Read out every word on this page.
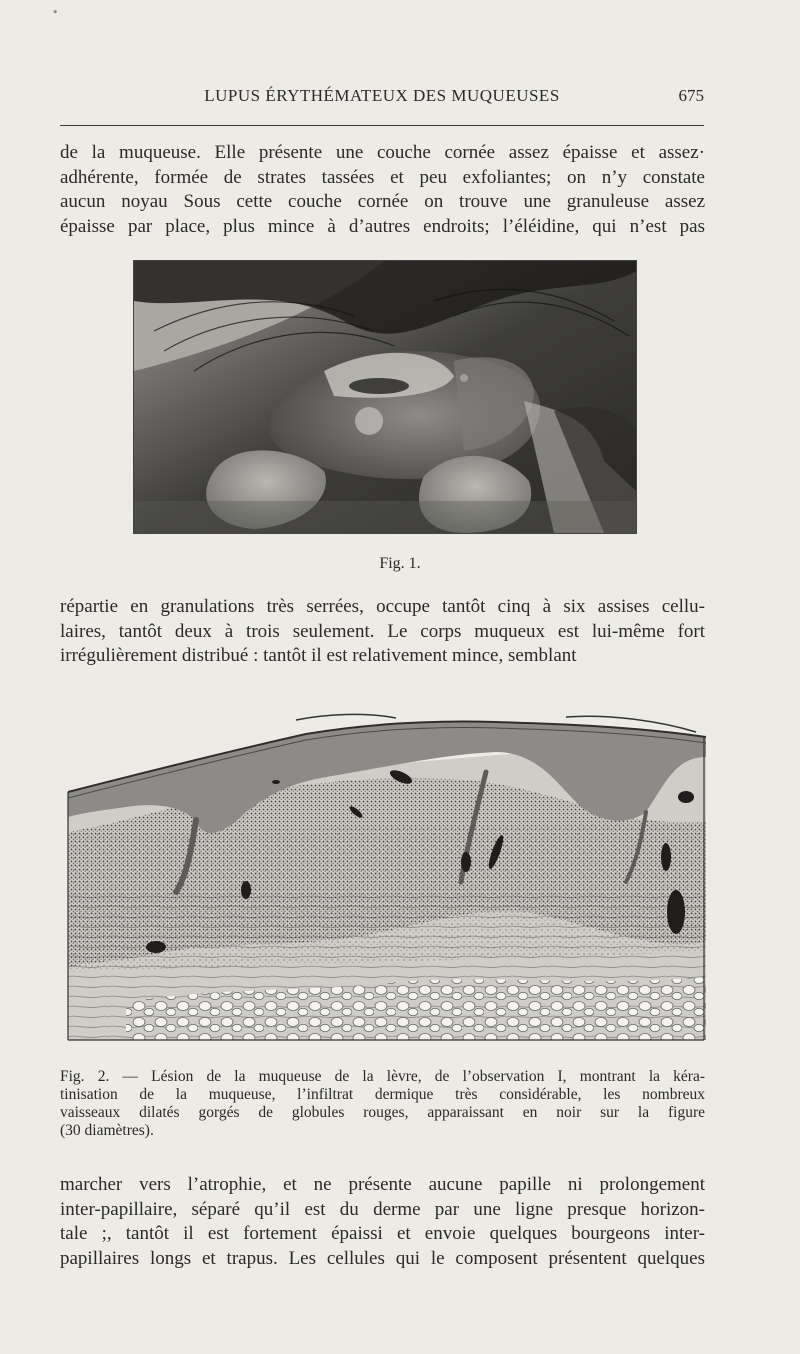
•
LUPUS ÉRYTHÉMATEUX DES MUQUEUSES	675
de la muqueuse. Elle présente une couche cornée assez épaisse et assez·
adhérente, formée de strates tassées et peu exfoliantes; on n’y constate
aucun noyau Sous cette couche cornée on trouve une granuleuse assez
épaisse par place, plus mince à d’autres endroits; l’éléidine, qui n’est pas
Fig. 1.
répartie en granulations très serrées, occupe tantôt cinq à six assises cellu-
laires, tantôt deux à trois seulement. Le corps muqueux est lui-même fort
irrégulièrement distribué : tantôt il est relativement mince, semblant
Fig. 2. — Lésion de la muqueuse de la lèvre, de l’observation I, montrant la kéra-
tinisation de la muqueuse, l’infiltrat dermique très considérable, les nombreux
vaisseaux dilatés gorgés de globules rouges, apparaissant en noir sur la figure
(30 diamètres).
marcher vers l’atrophie, et ne présente aucune papille ni prolongement
inter-papillaire, séparé qu’il est du derme par une ligne presque horizon-
tale ;, tantôt il est fortement épaissi et envoie quelques bourgeons inter-
papillaires longs et trapus. Les cellules qui le composent présentent quelques
